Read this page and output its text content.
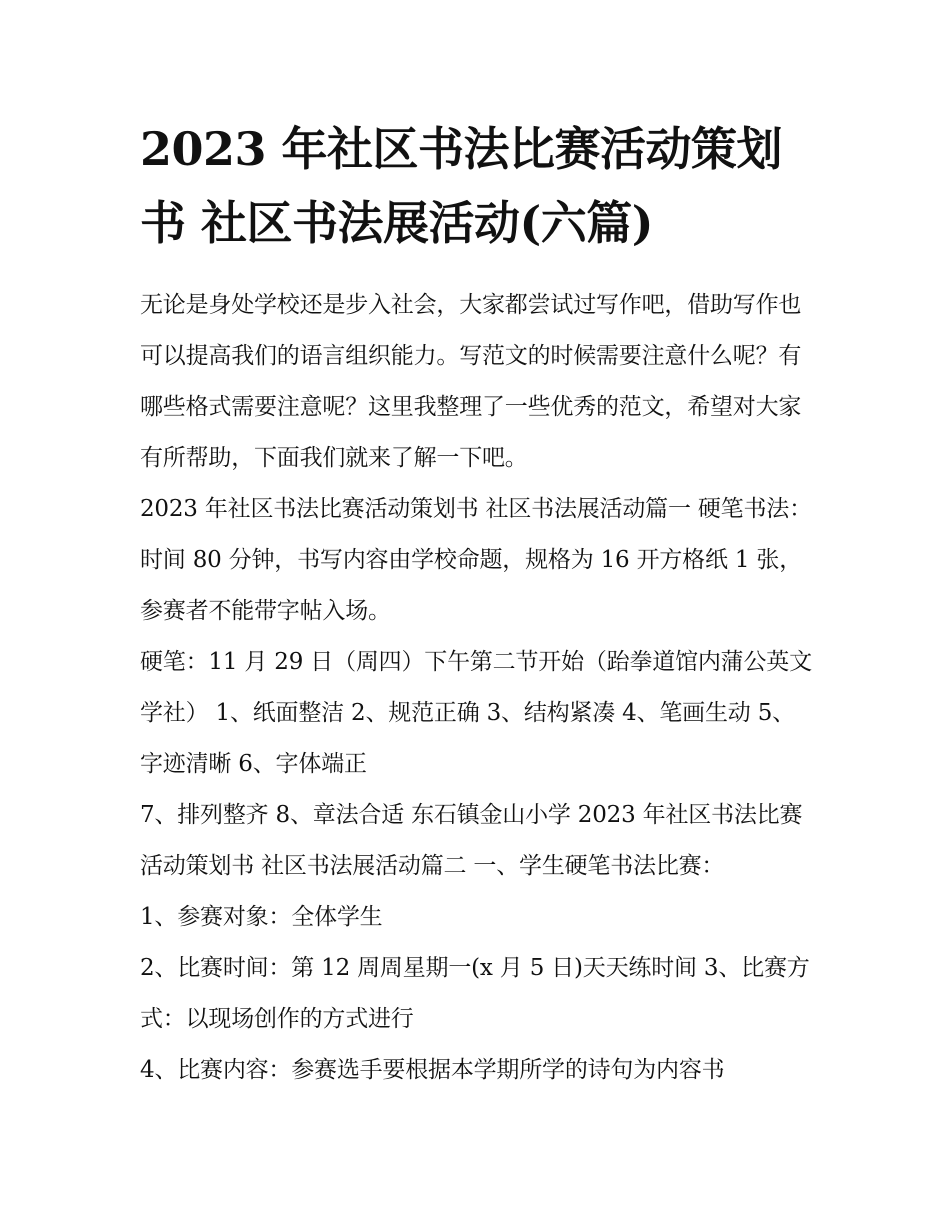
2023 年社区书法比赛活动策划书 社区书法展活动(六篇)

无论是身处学校还是步入社会，大家都尝试过写作吧，借助写作也可以提高我们的语言组织能力。写范文的时候需要注意什么呢？有哪些格式需要注意呢？这里我整理了一些优秀的范文，希望对大家有所帮助，下面我们就来了解一下吧。

2023 年社区书法比赛活动策划书 社区书法展活动篇一 硬笔书法：时间 80 分钟，书写内容由学校命题，规格为 16 开方格纸 1 张，参赛者不能带字帖入场。

硬笔：11 月 29 日（周四）下午第二节开始（跆拳道馆内蒲公英文学社） 1、纸面整洁 2、规范正确 3、结构紧凑 4、笔画生动 5、字迹清晰 6、字体端正

7、排列整齐 8、章法合适 东石镇金山小学 2023 年社区书法比赛活动策划书 社区书法展活动篇二 一、学生硬笔书法比赛：

1、参赛对象：全体学生

2、比赛时间：第 12 周周星期一(x 月 5 日)天天练时间 3、比赛方式：以现场创作的方式进行

4、比赛内容：参赛选手要根据本学期所学的诗句为内容书
